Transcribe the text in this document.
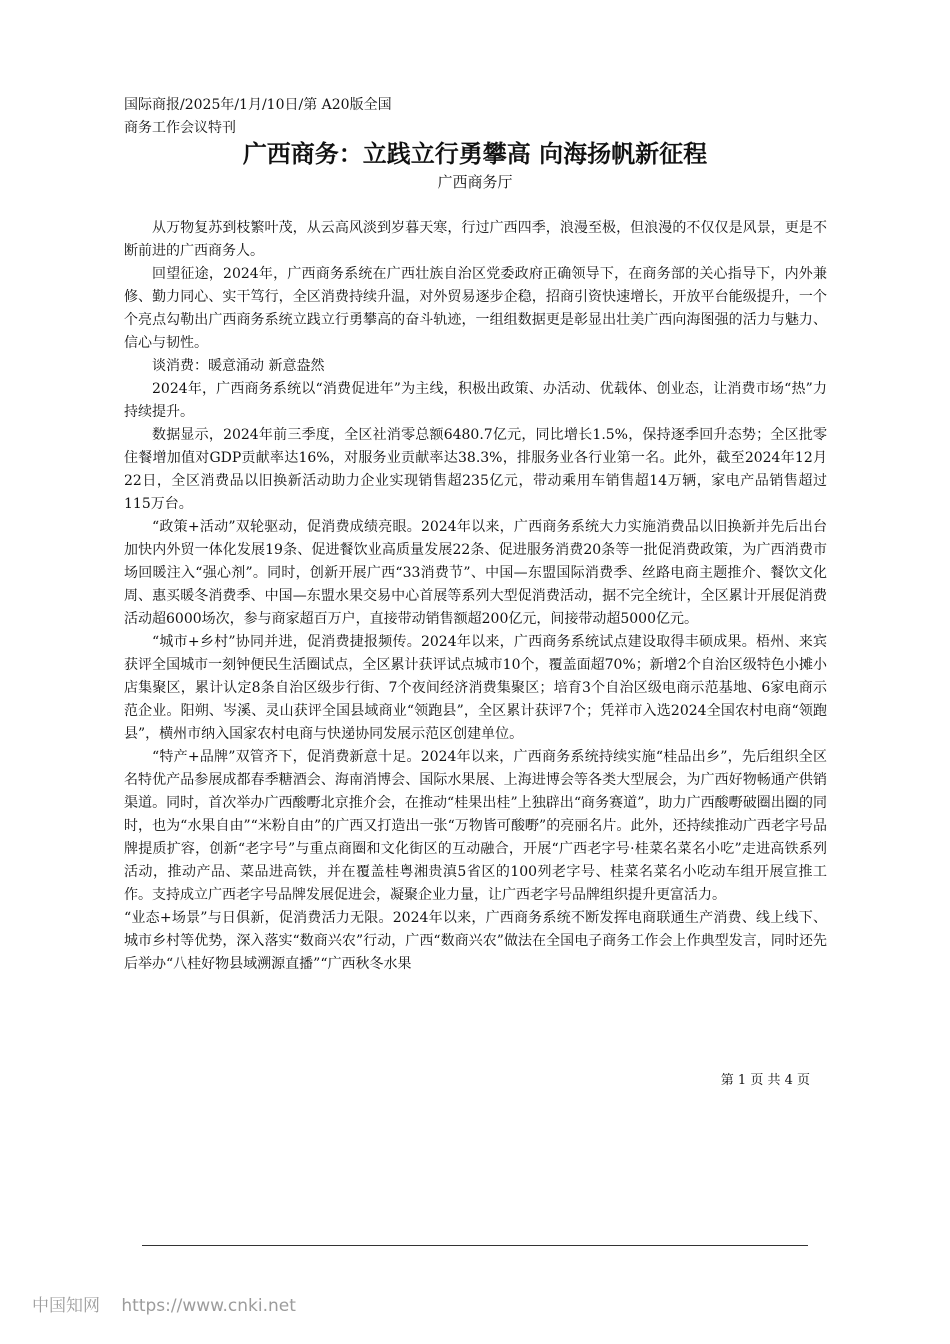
国际商报/2025年/1月/10日/第 A20版全国商务工作会议特刊
广西商务：立践立行勇攀高 向海扬帆新征程
广西商务厅

从万物复苏到枝繁叶茂，从云高风淡到岁暮天寒，行过广西四季，浪漫至极，但浪漫的不仅仅是风景，更是不断前进的广西商务人。

回望征途，2024年，广西商务系统在广西壮族自治区党委政府正确领导下，在商务部的关心指导下，内外兼修、勤力同心、实干笃行，全区消费持续升温，对外贸易逐步企稳，招商引资快速增长，开放平台能级提升，一个个亮点勾勒出广西商务系统立践立行勇攀高的奋斗轨迹，一组组数据更是彰显出壮美广西向海图强的活力与魅力、信心与韧性。

谈消费：暖意涌动 新意盎然

2024年，广西商务系统以“消费促进年”为主线，积极出政策、办活动、优载体、创业态，让消费市场“热”力持续提升。

数据显示，2024年前三季度，全区社消零总额6480.7亿元，同比增长1.5%，保持逐季回升态势；全区批零住餐增加值对GDP贡献率达16%，对服务业贡献率达38.3%，排服务业各行业第一名。此外，截至2024年12月22日，全区消费品以旧换新活动助力企业实现销售超235亿元，带动乘用车销售超14万辆，家电产品销售超过115万台。

“政策+活动”双轮驱动，促消费成绩亮眼。2024年以来，广西商务系统大力实施消费品以旧换新并先后出台加快内外贸一体化发展19条、促进餐饮业高质量发展22条、促进服务消费20条等一批促消费政策，为广西消费市场回暖注入“强心剂”。同时，创新开展广西“33消费节”、中国—东盟国际消费季、丝路电商主题推介、餐饮文化周、惠买暖冬消费季、中国—东盟水果交易中心首展等系列大型促消费活动，据不完全统计，全区累计开展促消费活动超6000场次，参与商家超百万户，直接带动销售额超200亿元，间接带动超5000亿元。

“城市+乡村”协同并进，促消费捷报频传。2024年以来，广西商务系统试点建设取得丰硕成果。梧州、来宾获评全国城市一刻钟便民生活圈试点，全区累计获评试点城市10个，覆盖面超70%；新增2个自治区级特色小摊小店集聚区，累计认定8条自治区级步行街、7个夜间经济消费集聚区；培育3个自治区级电商示范基地、6家电商示范企业。阳朔、岑溪、灵山获评全国县域商业“领跑县”，全区累计获评7个；凭祥市入选2024全国农村电商“领跑县”，横州市纳入国家农村电商与快递协同发展示范区创建单位。

“特产+品牌”双管齐下，促消费新意十足。2024年以来，广西商务系统持续实施“桂品出乡”，先后组织全区名特优产品参展成都春季糖酒会、海南消博会、国际水果展、上海进博会等各类大型展会，为广西好物畅通产供销渠道。同时，首次举办广西酸嘢北京推介会，在推动“桂果出桂”上独辟出“商务赛道”，助力广西酸嘢破圈出圈的同时，也为“水果自由”“米粉自由”的广西又打造出一张“万物皆可酸嘢”的亮丽名片。此外，还持续推动广西老字号品牌提质扩容，创新“老字号”与重点商圈和文化街区的互动融合，开展“广西老字号·桂菜名菜名小吃”走进高铁系列活动，推动产品、菜品进高铁，并在覆盖桂粤湘贵滇5省区的100列老字号、桂菜名菜名小吃动车组开展宣推工作。支持成立广西老字号品牌发展促进会，凝聚企业力量，让广西老字号品牌组织提升更富活力。

“业态+场景”与日俱新，促消费活力无限。2024年以来，广西商务系统不断发挥电商联通生产消费、线上线下、城市乡村等优势，深入落实“数商兴农”行动，广西“数商兴农”做法在全国电子商务工作会上作典型发言，同时还先后举办“八桂好物县域溯源直播”“广西秋冬水果

第 1 页 共 4 页
中国知网 https://www.cnki.net
